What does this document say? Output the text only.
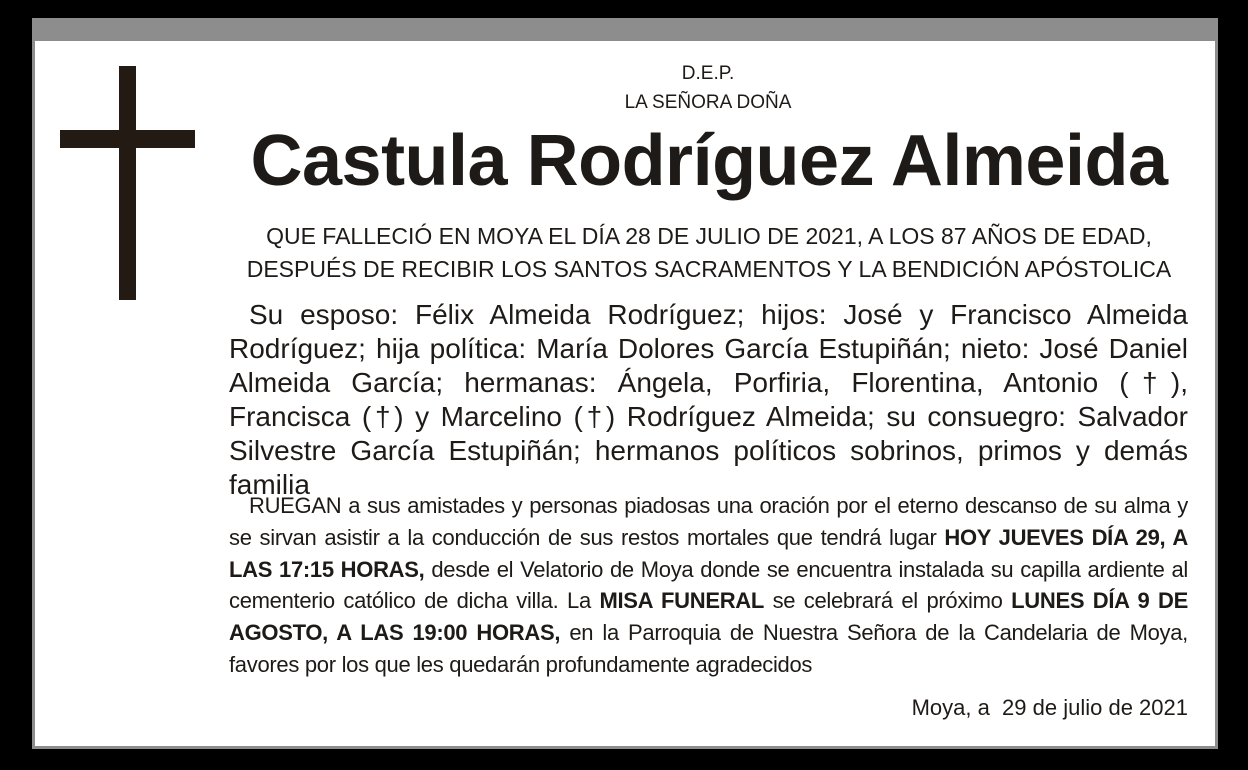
D.E.P.
LA SEÑORA DOÑA
Castula Rodríguez Almeida
QUE FALLECIÓ EN MOYA EL DÍA 28 DE JULIO DE 2021, A LOS 87 AÑOS DE EDAD,
DESPUÉS DE RECIBIR LOS SANTOS SACRAMENTOS Y LA BENDICIÓN APÓSTOLICA
Su esposo: Félix Almeida Rodríguez; hijos: José y Francisco Almeida Rodríguez; hija política: María Dolores García Estupiñán; nieto: José Daniel Almeida García; hermanas: Ángela, Porfiria, Florentina, Antonio (†), Francisca (†) y Marcelino (†) Rodríguez Almeida; su consuegro: Salvador Silvestre García Estupiñán; hermanos políticos sobrinos, primos y demás familia
RUEGAN a sus amistades y personas piadosas una oración por el eterno descanso de su alma y se sirvan asistir a la conducción de sus restos mortales que tendrá lugar HOY JUEVES DÍA 29, A LAS 17:15 HORAS, desde el Velatorio de Moya donde se encuentra instalada su capilla ardiente al cementerio católico de dicha villa. La MISA FUNERAL se celebrará el próximo LUNES DÍA 9 DE AGOSTO, A LAS 19:00 HORAS, en la Parroquia de Nuestra Señora de la Candelaria de Moya, favores por los que les quedarán profundamente agradecidos
Moya, a  29 de julio de 2021
